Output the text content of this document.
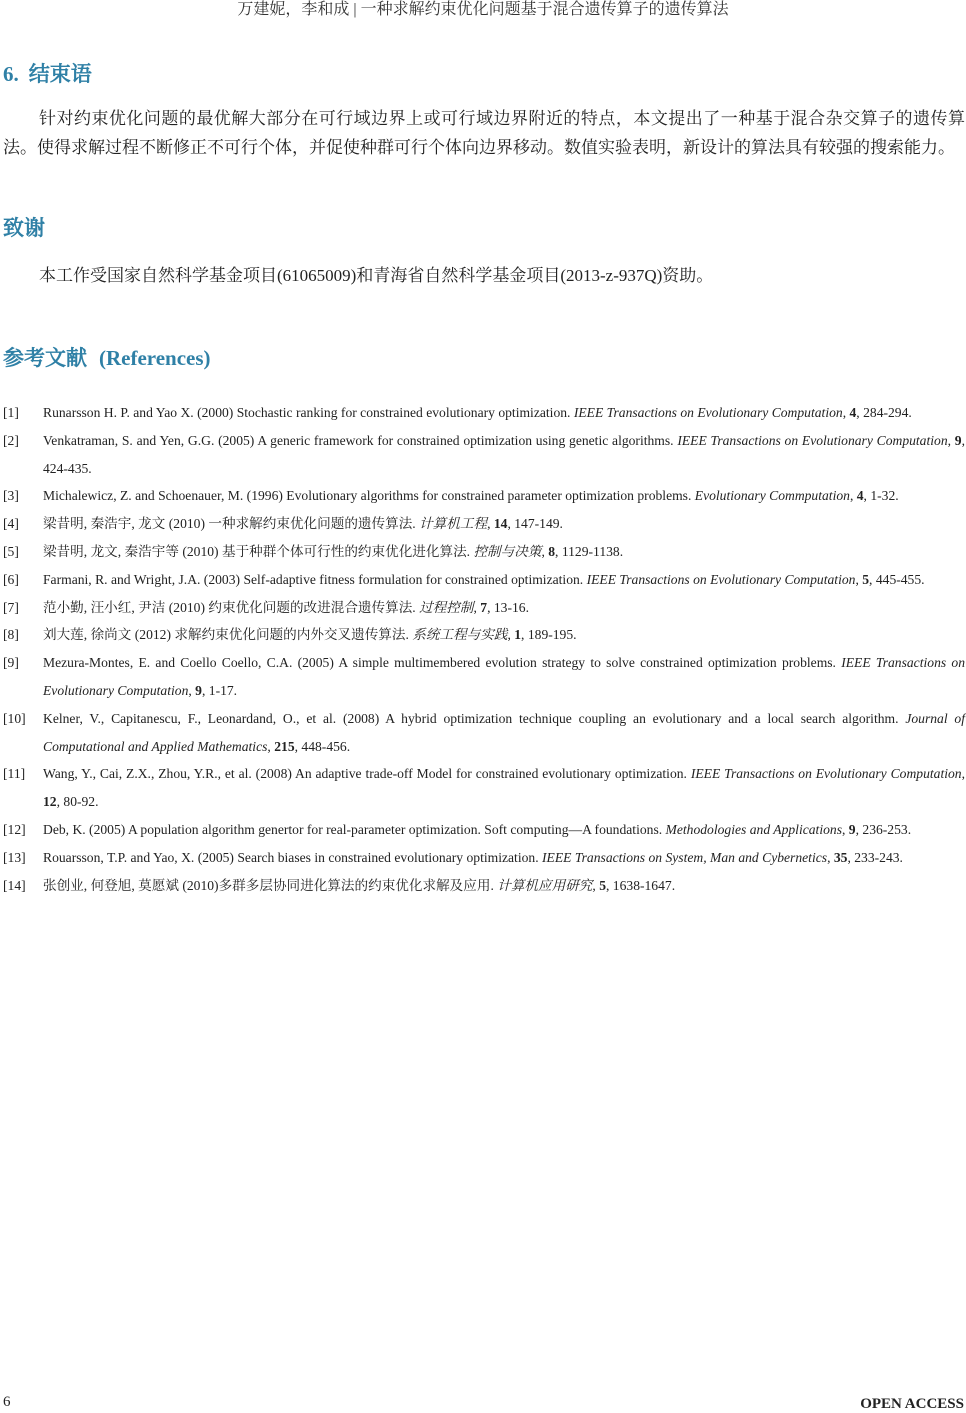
万建妮，李和成 | 一种求解约束优化问题基于混合遗传算子的遗传算法
6. 结束语

针对约束优化问题的最优解大部分在可行域边界上或可行域边界附近的特点，本文提出了一种基于混合杂交算子的遗传算法。使得求解过程不断修正不可行个体，并促使种群可行个体向边界移动。数值实验表明，新设计的算法具有较强的搜索能力。

致谢

本工作受国家自然科学基金项目(61065009)和青海省自然科学基金项目(2013-z-937Q)资助。

参考文献 (References)
[1]	Runarsson H. P. and Yao X. (2000) Stochastic ranking for constrained evolutionary optimization. IEEE Transactions on Evolutionary Computation, 4, 284-294.
[2]	Venkatraman, S. and Yen, G.G. (2005) A generic framework for constrained optimization using genetic algorithms. IEEE Transactions on Evolutionary Computation, 9, 424-435.
[3]	Michalewicz, Z. and Schoenauer, M. (1996) Evolutionary algorithms for constrained parameter optimization problems. Evolutionary Commputation, 4, 1-32.
[4]	梁昔明, 秦浩宇, 龙文 (2010) 一种求解约束优化问题的遗传算法. 计算机工程, 14, 147-149.
[5]	梁昔明, 龙文, 秦浩宇等 (2010) 基于种群个体可行性的约束优化进化算法. 控制与决策, 8, 1129-1138.
[6]	Farmani, R. and Wright, J.A. (2003) Self-adaptive fitness formulation for constrained optimization. IEEE Transactions on Evolutionary Computation, 5, 445-455.
[7]	范小勤, 汪小红, 尹洁 (2010) 约束优化问题的改进混合遗传算法. 过程控制, 7, 13-16.
[8]	刘大莲, 徐尚文 (2012) 求解约束优化问题的内外交叉遗传算法. 系统工程与实践, 1, 189-195.
[9]	Mezura-Montes, E. and Coello Coello, C.A. (2005) A simple multimembered evolution strategy to solve constrained optimization problems. IEEE Transactions on Evolutionary Computation, 9, 1-17.
[10]	Kelner, V., Capitanescu, F., Leonardand, O., et al. (2008) A hybrid optimization technique coupling an evolutionary and a local search algorithm. Journal of Computational and Applied Mathematics, 215, 448-456.
[11]	Wang, Y., Cai, Z.X., Zhou, Y.R., et al. (2008) An adaptive trade-off Model for constrained evolutionary optimization. IEEE Transactions on Evolutionary Computation, 12, 80-92.
[12]	Deb, K. (2005) A population algorithm genertor for real-parameter optimization. Soft computing—A foundations. Methodologies and Applications, 9, 236-253.
[13]	Rouarsson, T.P. and Yao, X. (2005) Search biases in constrained evolutionary optimization. IEEE Transactions on System, Man and Cybernetics, 35, 233-243.
[14]	张创业, 何登旭, 莫愿斌 (2010)多群多层协同进化算法的约束优化求解及应用. 计算机应用研究, 5, 1638-1647.
6	OPEN ACCESS
